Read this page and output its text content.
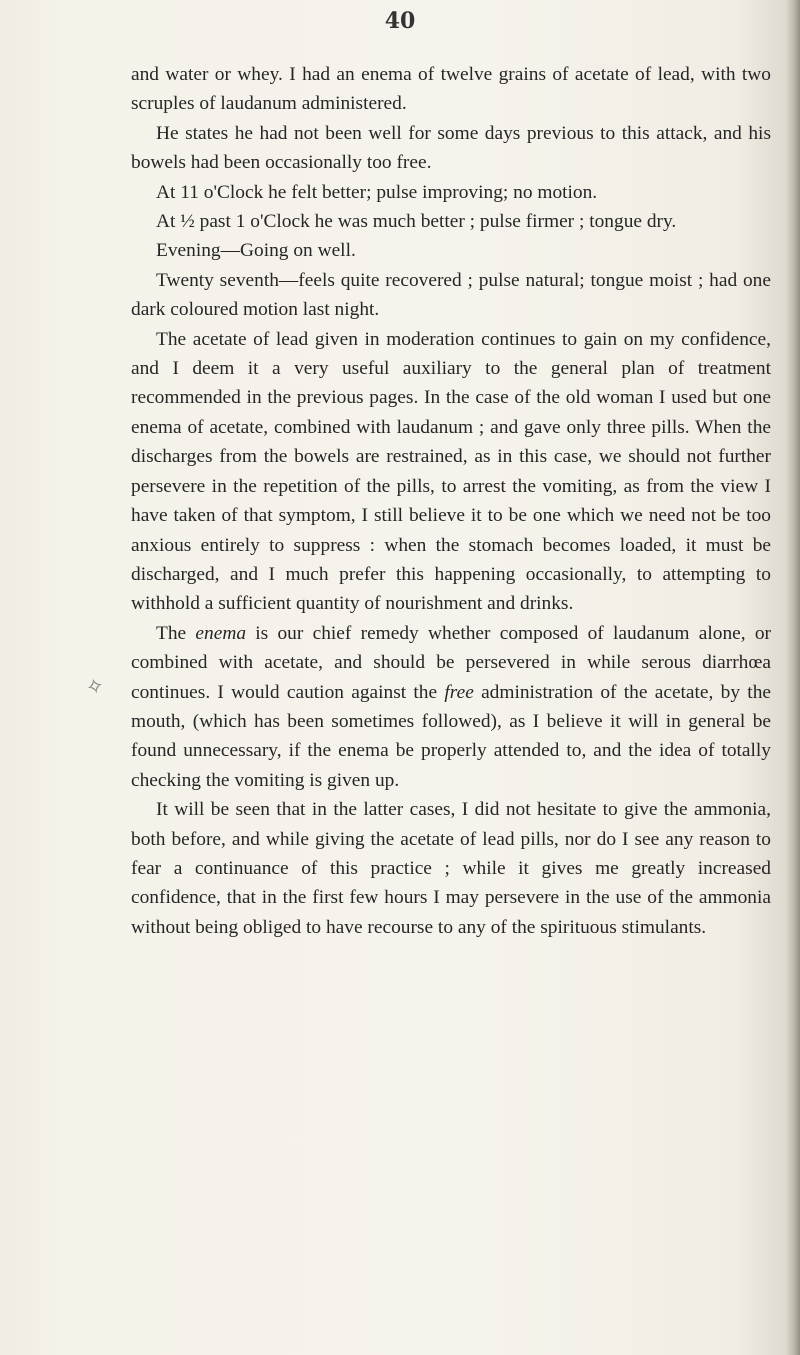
40
✧

and water or whey. I had an enema of twelve grains of acetate of lead, with two scruples of laudanum administered.

He states he had not been well for some days previous to this attack, and his bowels had been occasionally too free.

At 11 o'Clock he felt better; pulse improving; no motion.

At ½ past 1 o'Clock he was much better ; pulse firmer ; tongue dry.

Evening—Going on well.

Twenty seventh—feels quite recovered ; pulse natural; tongue moist ; had one dark coloured motion last night.

The acetate of lead given in moderation continues to gain on my confidence, and I deem it a very useful auxiliary to the general plan of treatment recommended in the previous pages. In the case of the old woman I used but one enema of acetate, combined with laudanum ; and gave only three pills. When the discharges from the bowels are restrained, as in this case, we should not further persevere in the repetition of the pills, to arrest the vomiting, as from the view I have taken of that symptom, I still believe it to be one which we need not be too anxious entirely to suppress : when the stomach becomes loaded, it must be discharged, and I much prefer this happening occasionally, to attempting to withhold a sufficient quantity of nourishment and drinks.

The enema is our chief remedy whether composed of laudanum alone, or combined with acetate, and should be persevered in while serous diarrhœa continues. I would caution against the free administration of the acetate, by the mouth, (which has been sometimes followed), as I believe it will in general be found unnecessary, if the enema be properly attended to, and the idea of totally checking the vomiting is given up.

It will be seen that in the latter cases, I did not hesitate to give the ammonia, both before, and while giving the acetate of lead pills, nor do I see any reason to fear a continuance of this practice ; while it gives me greatly increased confidence, that in the first few hours I may persevere in the use of the ammonia without being obliged to have recourse to any of the spirituous stimulants.
